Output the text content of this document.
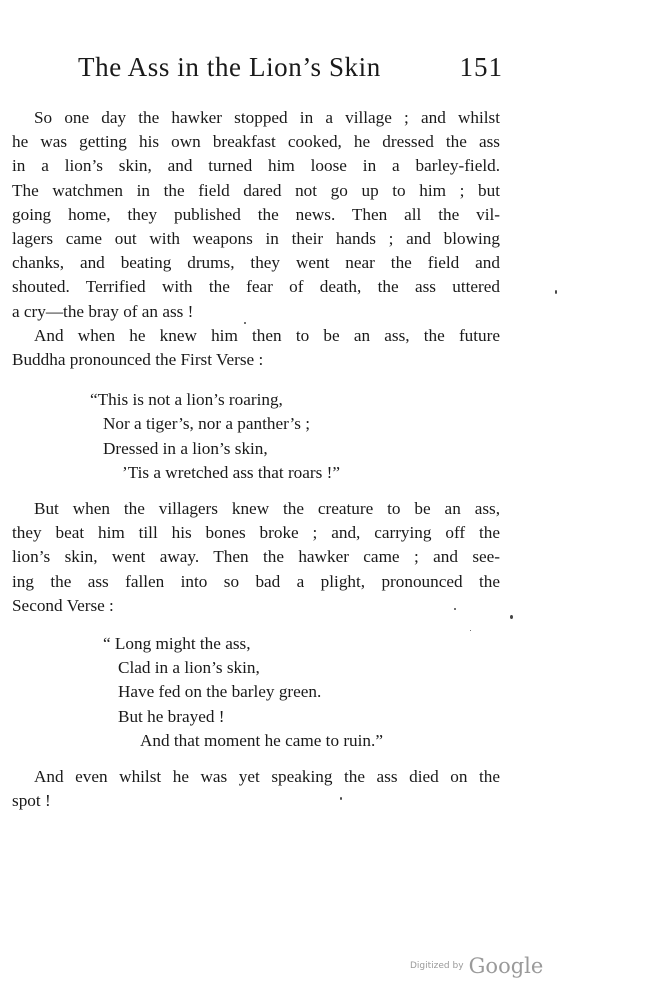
The Ass in the Lion’s Skin	151

So one day the hawker stopped in a village ; and whilst
he was getting his own breakfast cooked, he dressed the ass
in a lion’s skin, and turned him loose in a barley-field.
The watchmen in the field dared not go up to him ; but
going home, they published the news. Then all the vil-
lagers came out with weapons in their hands ; and blowing
chanks, and beating drums, they went near the field and
shouted. Terrified with the fear of death, the ass uttered
a cry—the bray of an ass !

And when he knew him then to be an ass, the future
Buddha pronounced the First Verse :

“This is not a lion’s roaring,
Nor a tiger’s, nor a panther’s ;
Dressed in a lion’s skin,
’Tis a wretched ass that roars !”

But when the villagers knew the creature to be an ass,
they beat him till his bones broke ; and, carrying off the
lion’s skin, went away. Then the hawker came ; and see-
ing the ass fallen into so bad a plight, pronounced the
Second Verse :

“ Long might the ass,
Clad in a lion’s skin,
Have fed on the barley green.
But he brayed !
And that moment he came to ruin.”

And even whilst he was yet speaking the ass died on the
spot !

Digitized by Google
